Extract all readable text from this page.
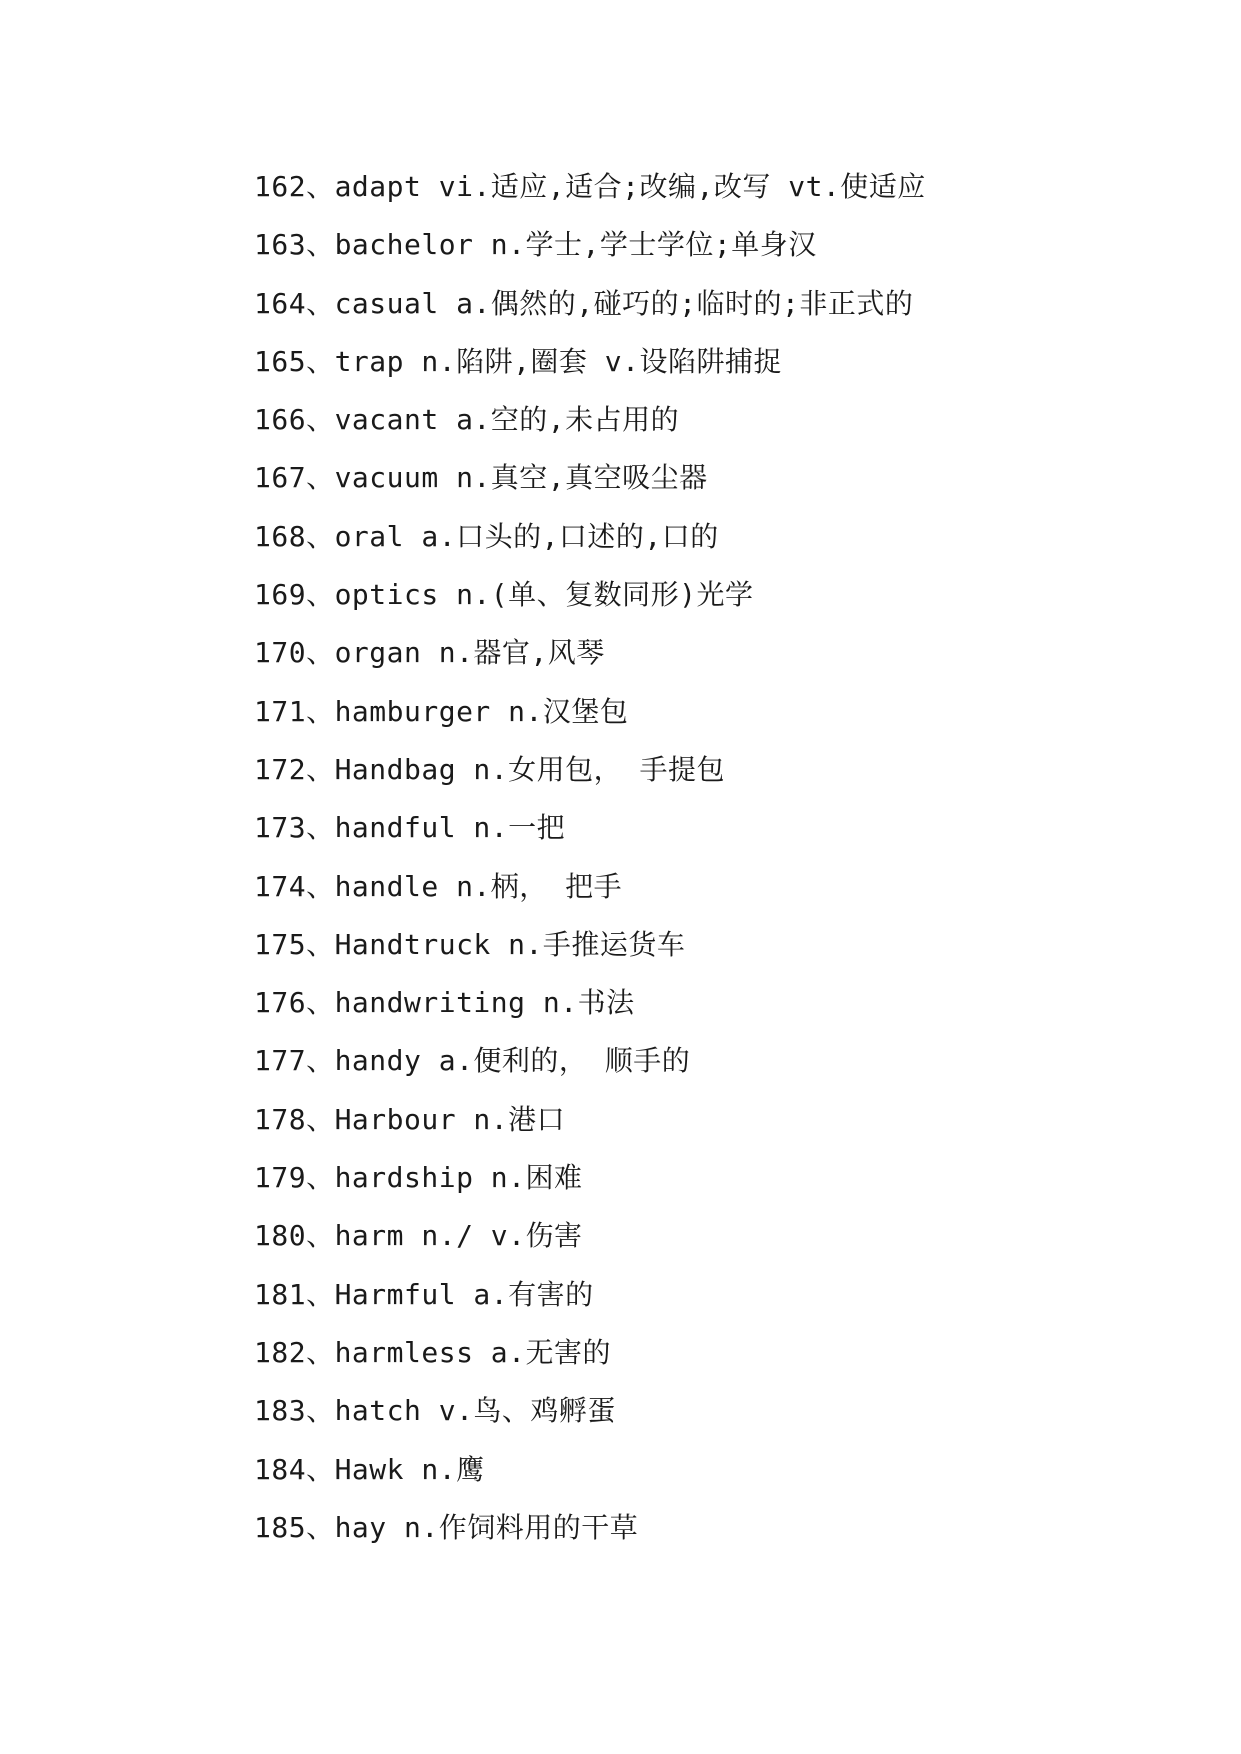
162、adapt vi.适应,适合;改编,改写 vt.使适应
163、bachelor n.学士,学士学位;单身汉
164、casual a.偶然的,碰巧的;临时的;非正式的
165、trap n.陷阱,圈套 v.设陷阱捕捉
166、vacant a.空的,未占用的
167、vacuum n.真空,真空吸尘器
168、oral a.口头的,口述的,口的
169、optics n.(单、复数同形)光学
170、organ n.器官,风琴
171、hamburger n.汉堡包
172、Handbag n.女用包， 手提包
173、handful n.一把
174、handle n.柄， 把手
175、Handtruck n.手推运货车
176、handwriting n.书法
177、handy a.便利的， 顺手的
178、Harbour n.港口
179、hardship n.困难
180、harm n./ v.伤害
181、Harmful a.有害的
182、harmless a.无害的
183、hatch v.鸟、鸡孵蛋
184、Hawk n.鹰
185、hay n.作饲料用的干草
